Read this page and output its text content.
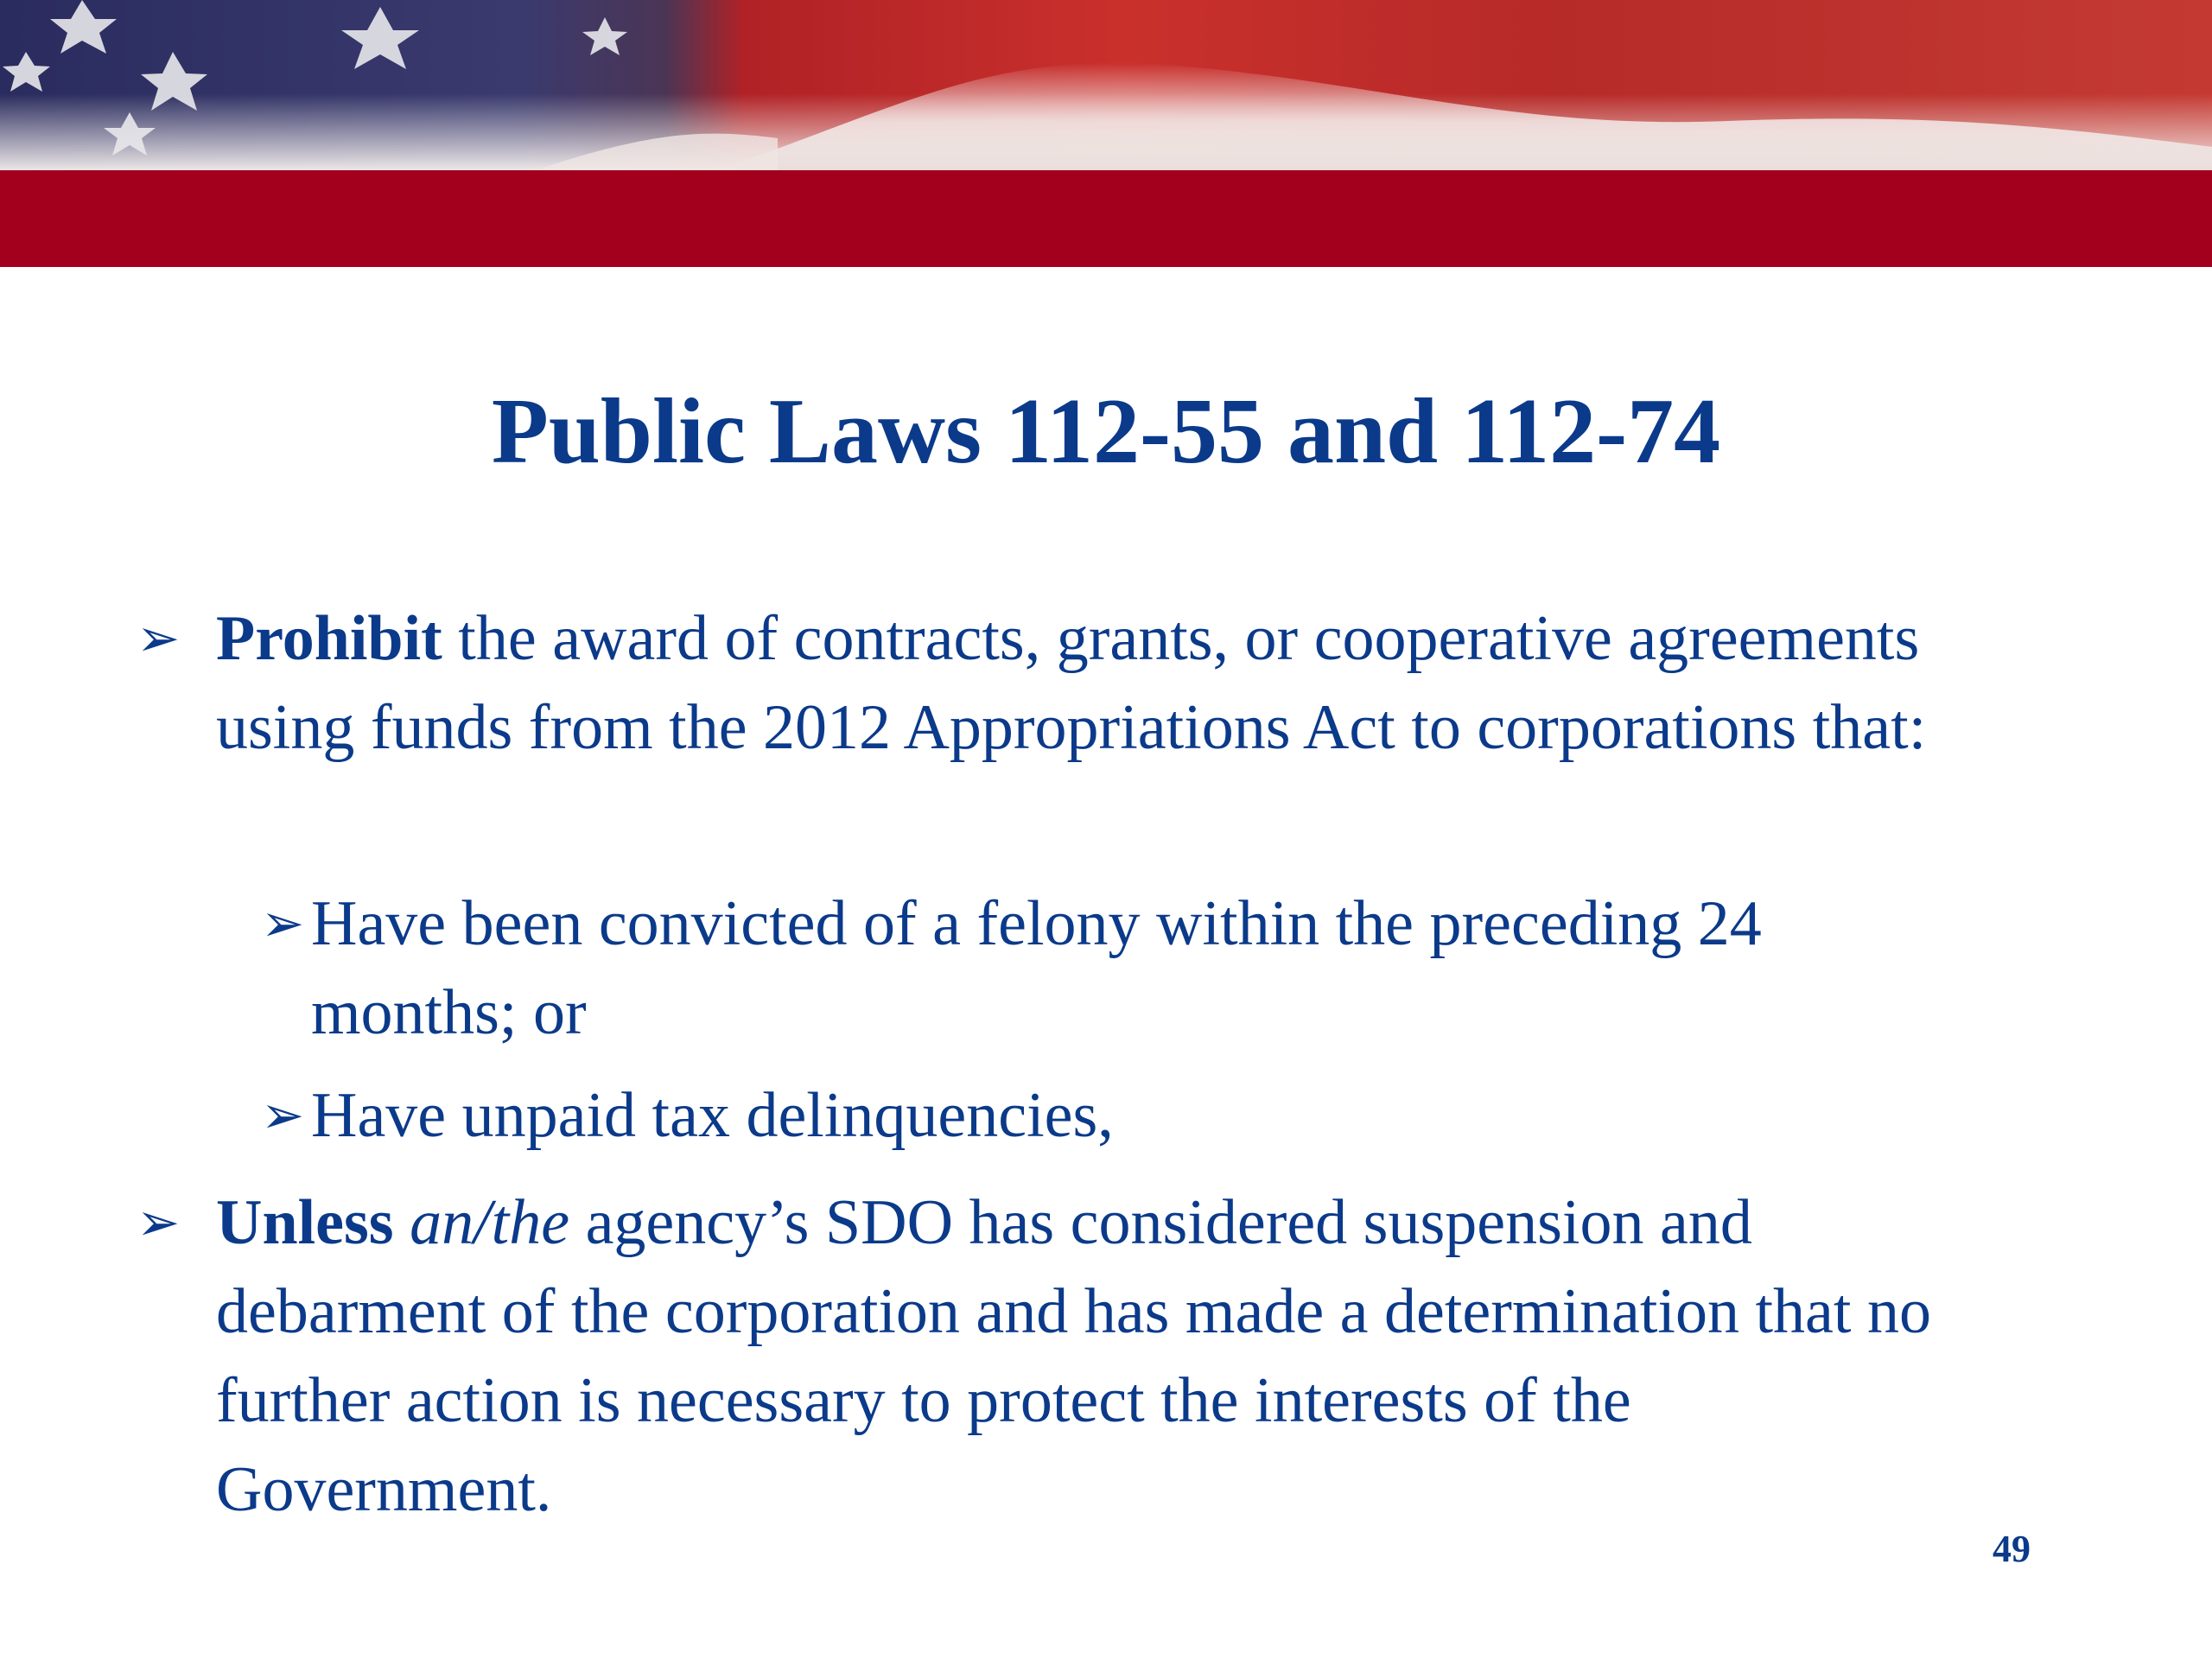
Public Laws 112-55 and 112-74
➢ Prohibit the award of contracts, grants, or cooperative agreements using funds from the 2012 Appropriations Act to corporations that:
➢ Have been convicted of a felony within the preceding 24 months; or
➢ Have unpaid tax delinquencies,
➢ Unless an/the agency’s SDO has considered suspension and debarment of the corporation and has made a determination that no further action is necessary to protect the interests of the Government.
49
